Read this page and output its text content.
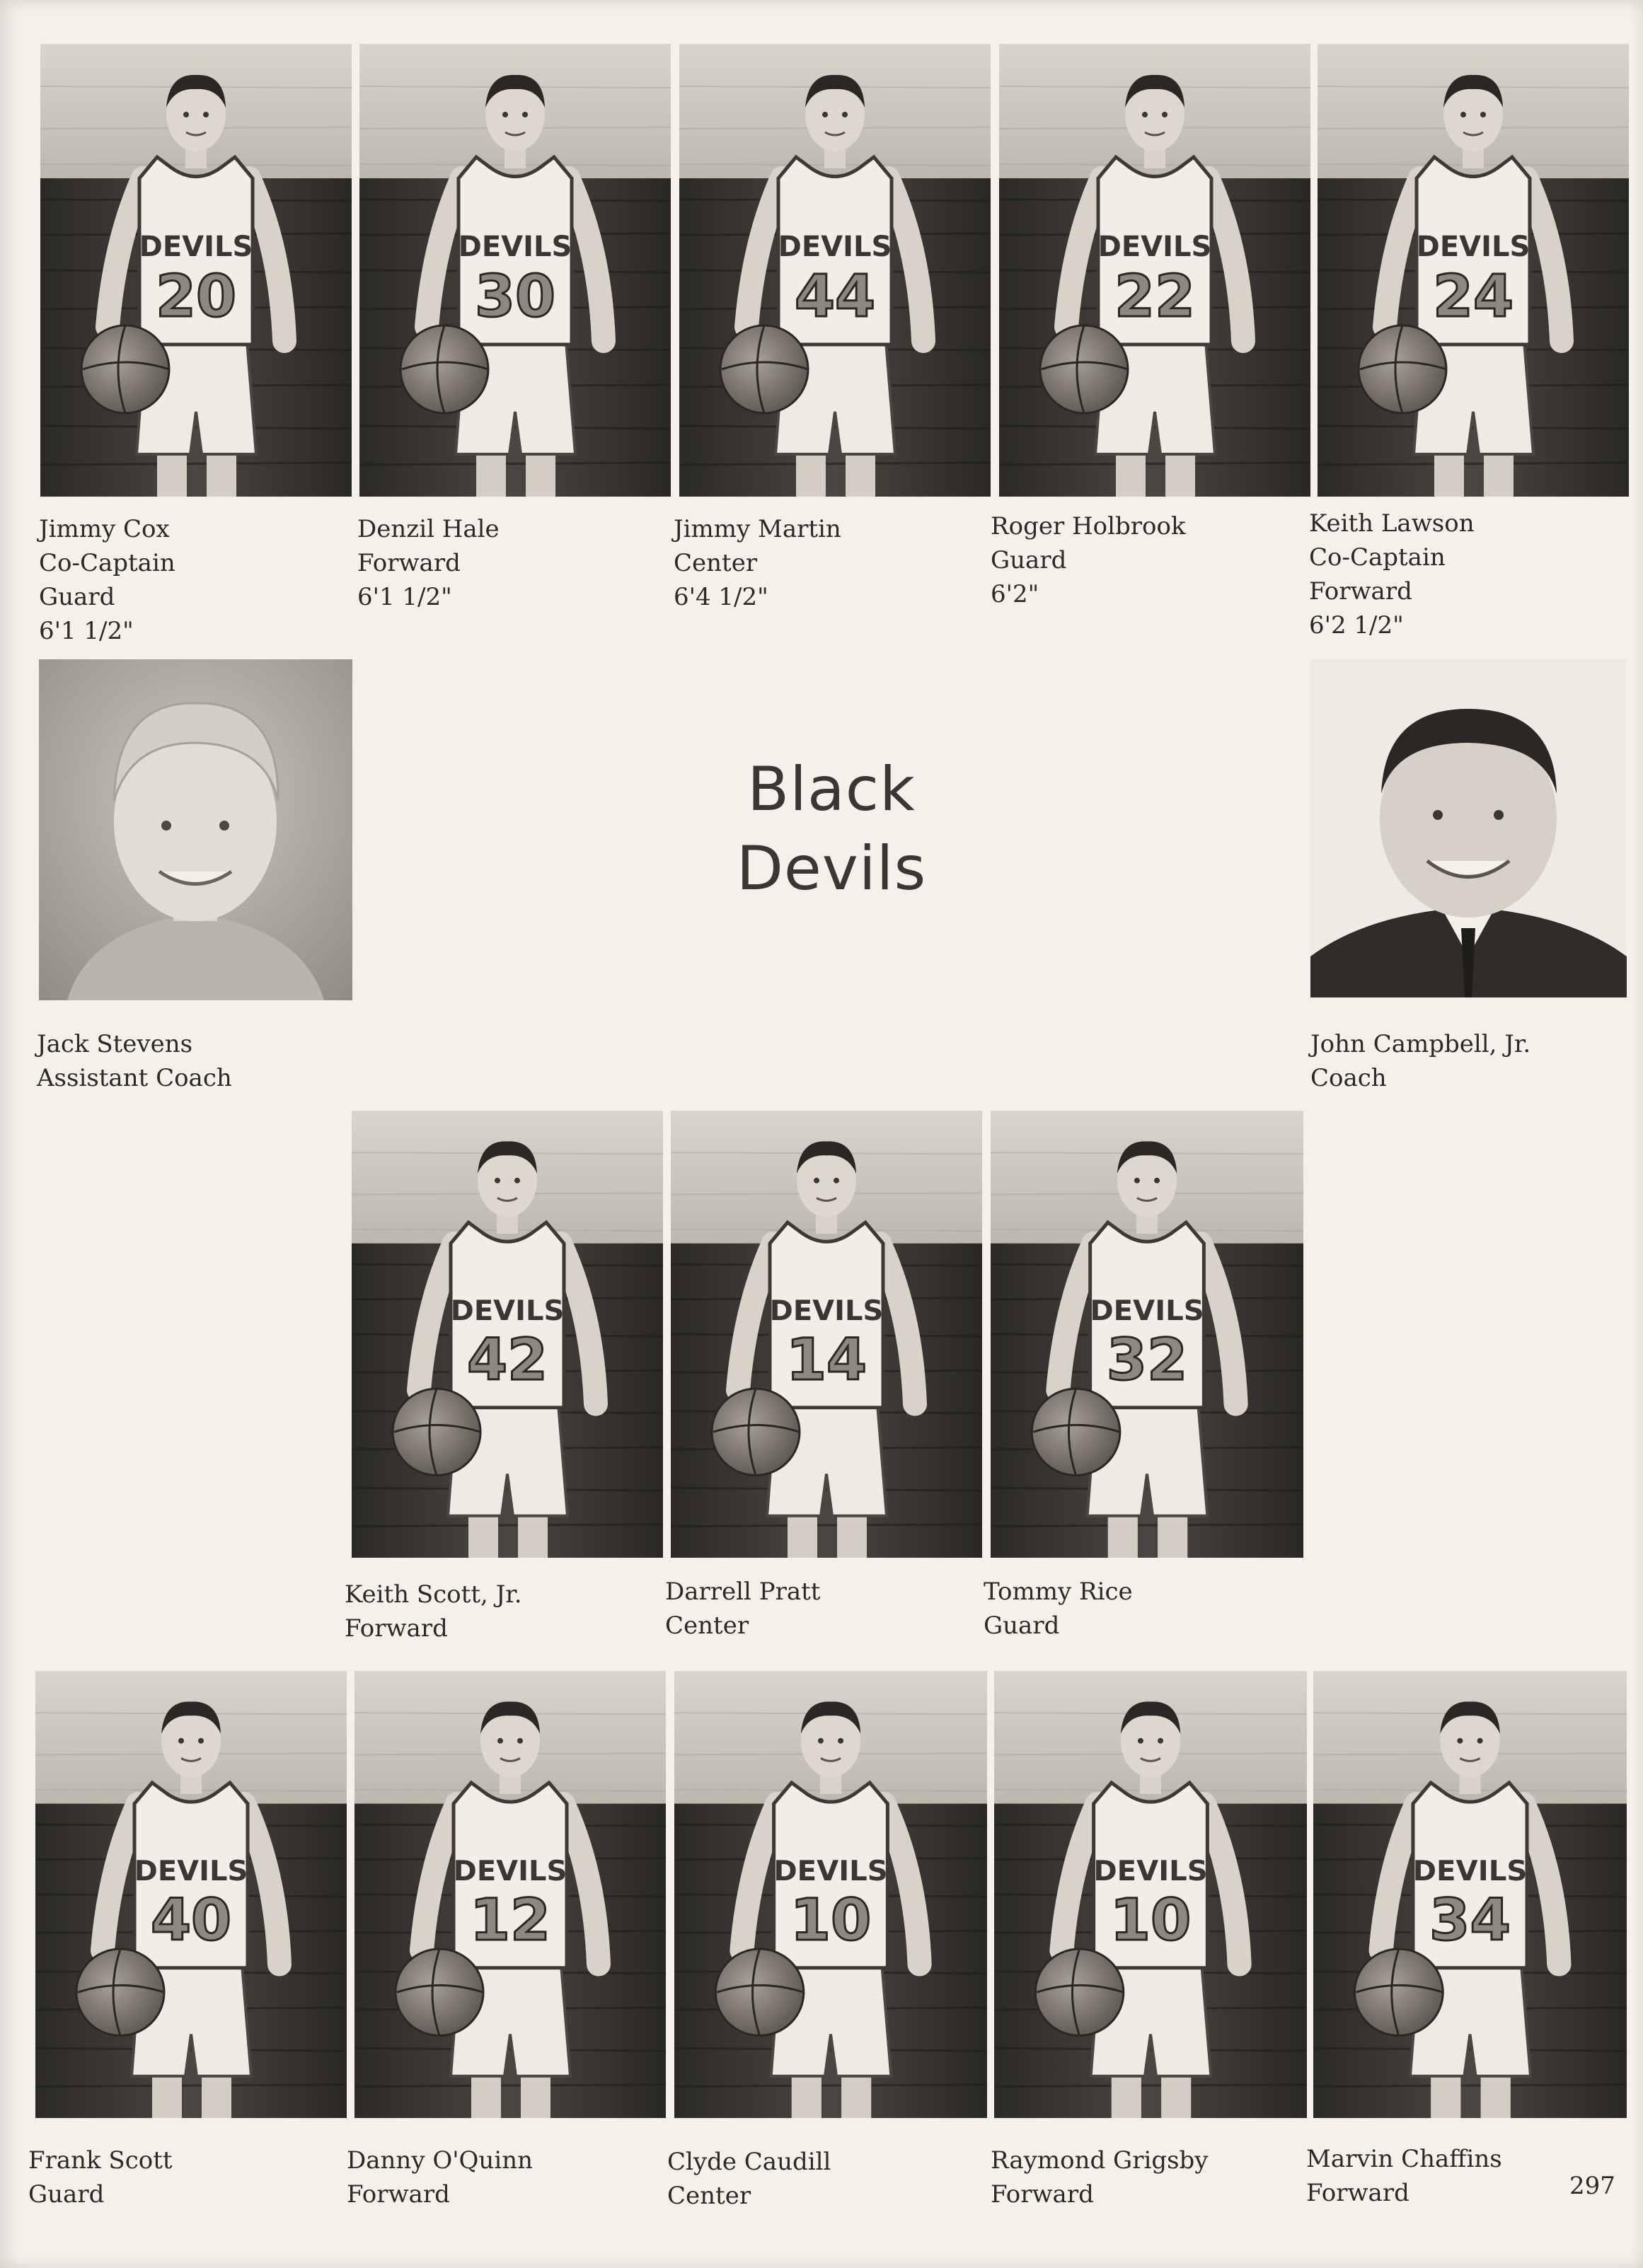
DEVILS
20
DEVILS
30
DEVILS
44
DEVILS
22
DEVILS
24
Jimmy Cox
Co-Captain
Guard
6'1 1/2"
Denzil Hale
Forward
6'1 1/2"
Jimmy Martin
Center
6'4 1/2"
Roger Holbrook
Guard
6'2"
Keith Lawson
Co-Captain
Forward
6'2 1/2"
Black
Devils
Jack Stevens
Assistant Coach
John Campbell, Jr.
Coach
DEVILS
42
DEVILS
14
DEVILS
32
Keith Scott, Jr.
Forward
Darrell Pratt
Center
Tommy Rice
Guard
DEVILS
40
DEVILS
12
DEVILS
10
DEVILS
10
DEVILS
34
Frank Scott
Guard
Danny O'Quinn
Forward
Clyde Caudill
Center
Raymond Grigsby
Forward
Marvin Chaffins
Forward	297
